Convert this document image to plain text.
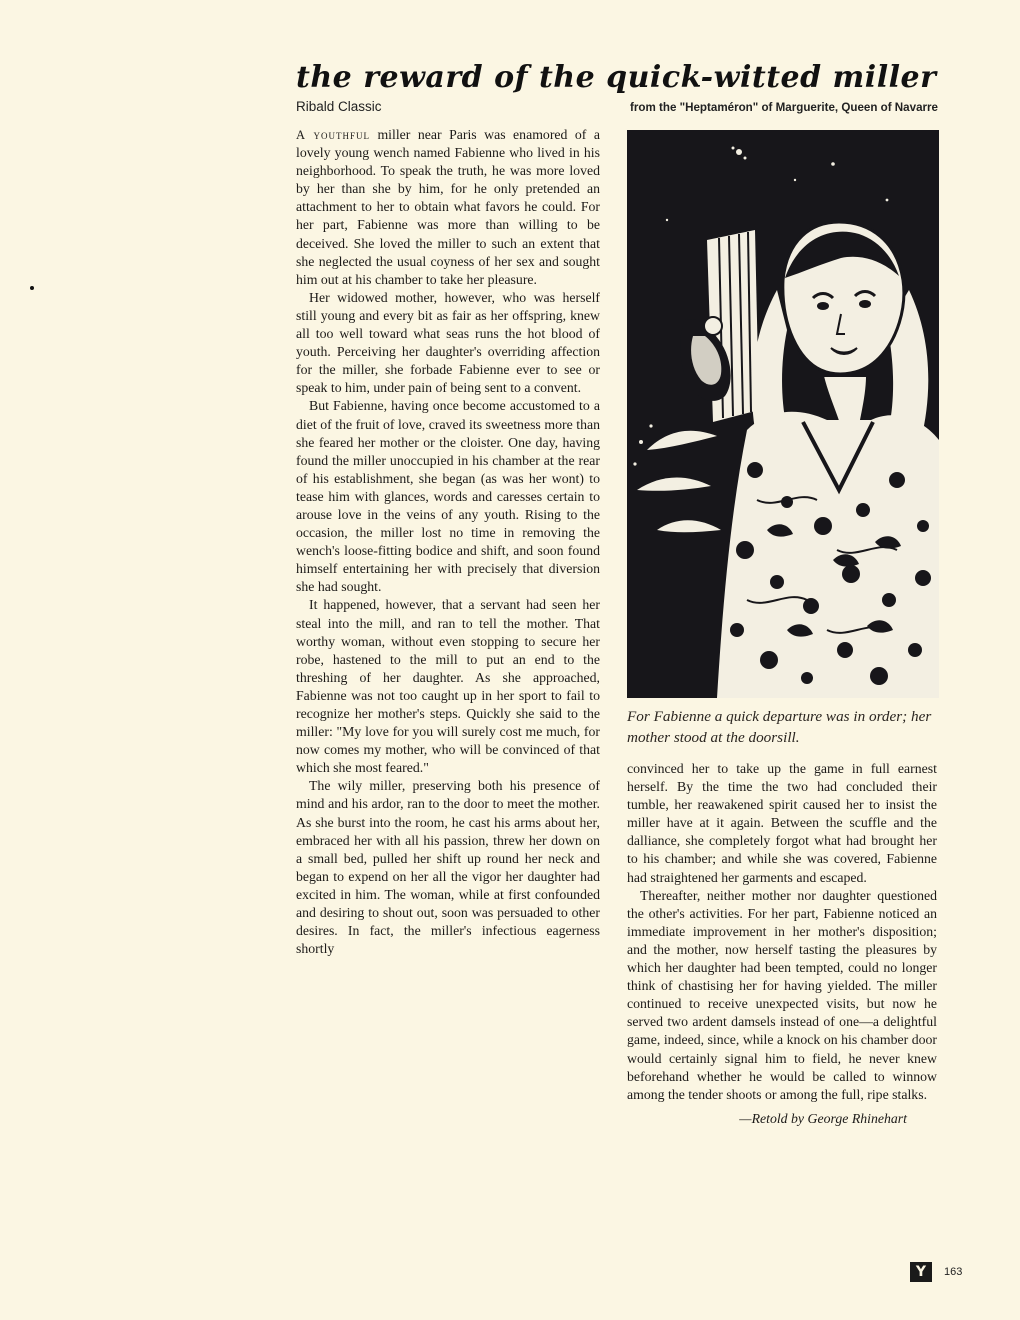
the reward of the quick-witted miller
Ribald Classic	from the "Heptaméron" of Marguerite, Queen of Navarre

A youthful miller near Paris was enamored of a lovely young wench named Fabienne who lived in his neighborhood. To speak the truth, he was more loved by her than she by him, for he only pretended an attachment to her to obtain what favors he could. For her part, Fabienne was more than willing to be deceived. She loved the miller to such an extent that she neglected the usual coyness of her sex and sought him out at his chamber to take her pleasure.

Her widowed mother, however, who was herself still young and every bit as fair as her offspring, knew all too well toward what seas runs the hot blood of youth. Perceiving her daughter's overriding affection for the miller, she forbade Fabienne ever to see or speak to him, under pain of being sent to a convent.

But Fabienne, having once become accustomed to a diet of the fruit of love, craved its sweetness more than she feared her mother or the cloister. One day, having found the miller unoccupied in his chamber at the rear of his establishment, she began (as was her wont) to tease him with glances, words and caresses certain to arouse love in the veins of any youth. Rising to the occasion, the miller lost no time in removing the wench's loose-fitting bodice and shift, and soon found himself entertaining her with precisely that diversion she had sought.

It happened, however, that a servant had seen her steal into the mill, and ran to tell the mother. That worthy woman, without even stopping to secure her robe, hastened to the mill to put an end to the threshing of her daughter. As she approached, Fabienne was not too caught up in her sport to fail to recognize her mother's steps. Quickly she said to the miller: "My love for you will surely cost me much, for now comes my mother, who will be convinced of that which she most feared."

The wily miller, preserving both his presence of mind and his ardor, ran to the door to meet the mother. As she burst into the room, he cast his arms about her, embraced her with all his passion, threw her down on a small bed, pulled her shift up round her neck and began to expend on her all the vigor her daughter had excited in him. The woman, while at first confounded and desiring to shout out, soon was persuaded to other desires. In fact, the miller's infectious eagerness shortly

For Fabienne a quick departure was in order; her mother stood at the doorsill.

convinced her to take up the game in full earnest herself. By the time the two had concluded their tumble, her reawakened spirit caused her to insist the miller have at it again. Between the scuffle and the dalliance, she completely forgot what had brought her to his chamber; and while she was covered, Fabienne had straightened her garments and escaped.

Thereafter, neither mother nor daughter questioned the other's activities. For her part, Fabienne noticed an immediate improvement in her mother's disposition; and the mother, now herself tasting the pleasures by which her daughter had been tempted, could no longer think of chastising her for having yielded. The miller continued to receive unexpected visits, but now he served two ardent damsels instead of one—a delightful game, indeed, since, while a knock on his chamber door would certainly signal him to field, he never knew beforehand whether he would be called to winnow among the tender shoots or among the full, ripe stalks.

—Retold by George Rhinehart
Y	163
